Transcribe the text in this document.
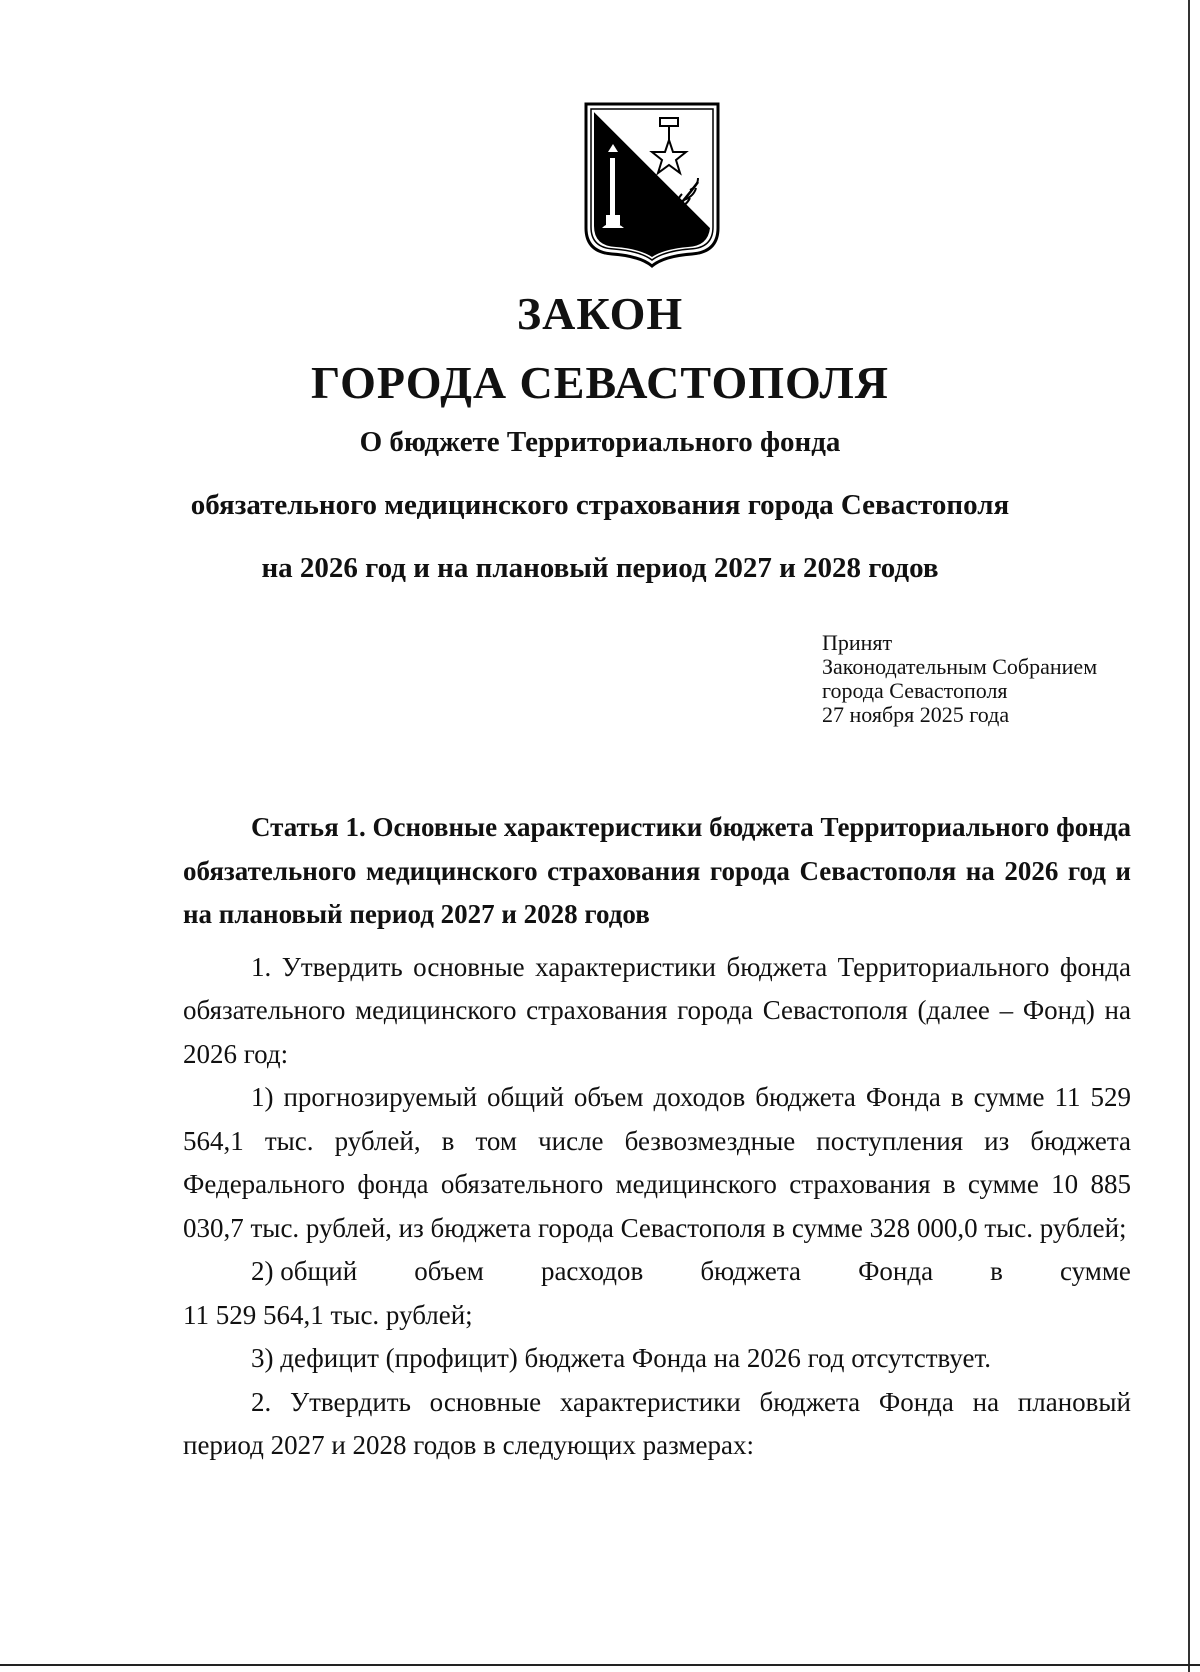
ЗАКОН
ГОРОДА СЕВАСТОПОЛЯ
О бюджете Территориального фонда
обязательного медицинского страхования города Севастополя
на 2026 год и на плановый период 2027 и 2028 годов
Принят
Законодательным Собранием
города Севастополя
27 ноября 2025 года

Статья 1. Основные характеристики бюджета Территориального фонда обязательного медицинского страхования города Севастополя на 2026 год и на плановый период 2027 и 2028 годов

1. Утвердить основные характеристики бюджета Территориального фонда обязательного медицинского страхования города Севастополя (далее – Фонд) на 2026 год:

1) прогнозируемый общий объем доходов бюджета Фонда в сумме 11 529 564,1 тыс. рублей, в том числе безвозмездные поступления из бюджета Федерального фонда обязательного медицинского страхования в сумме 10 885 030,7 тыс. рублей, из бюджета города Севастополя в сумме 328 000,0 тыс. рублей;

2) общий объем расходов бюджета Фонда в сумме

11 529 564,1 тыс. рублей;

3) дефицит (профицит) бюджета Фонда на 2026 год отсутствует.

2. Утвердить основные характеристики бюджета Фонда на плановый период 2027 и 2028 годов в следующих размерах:
